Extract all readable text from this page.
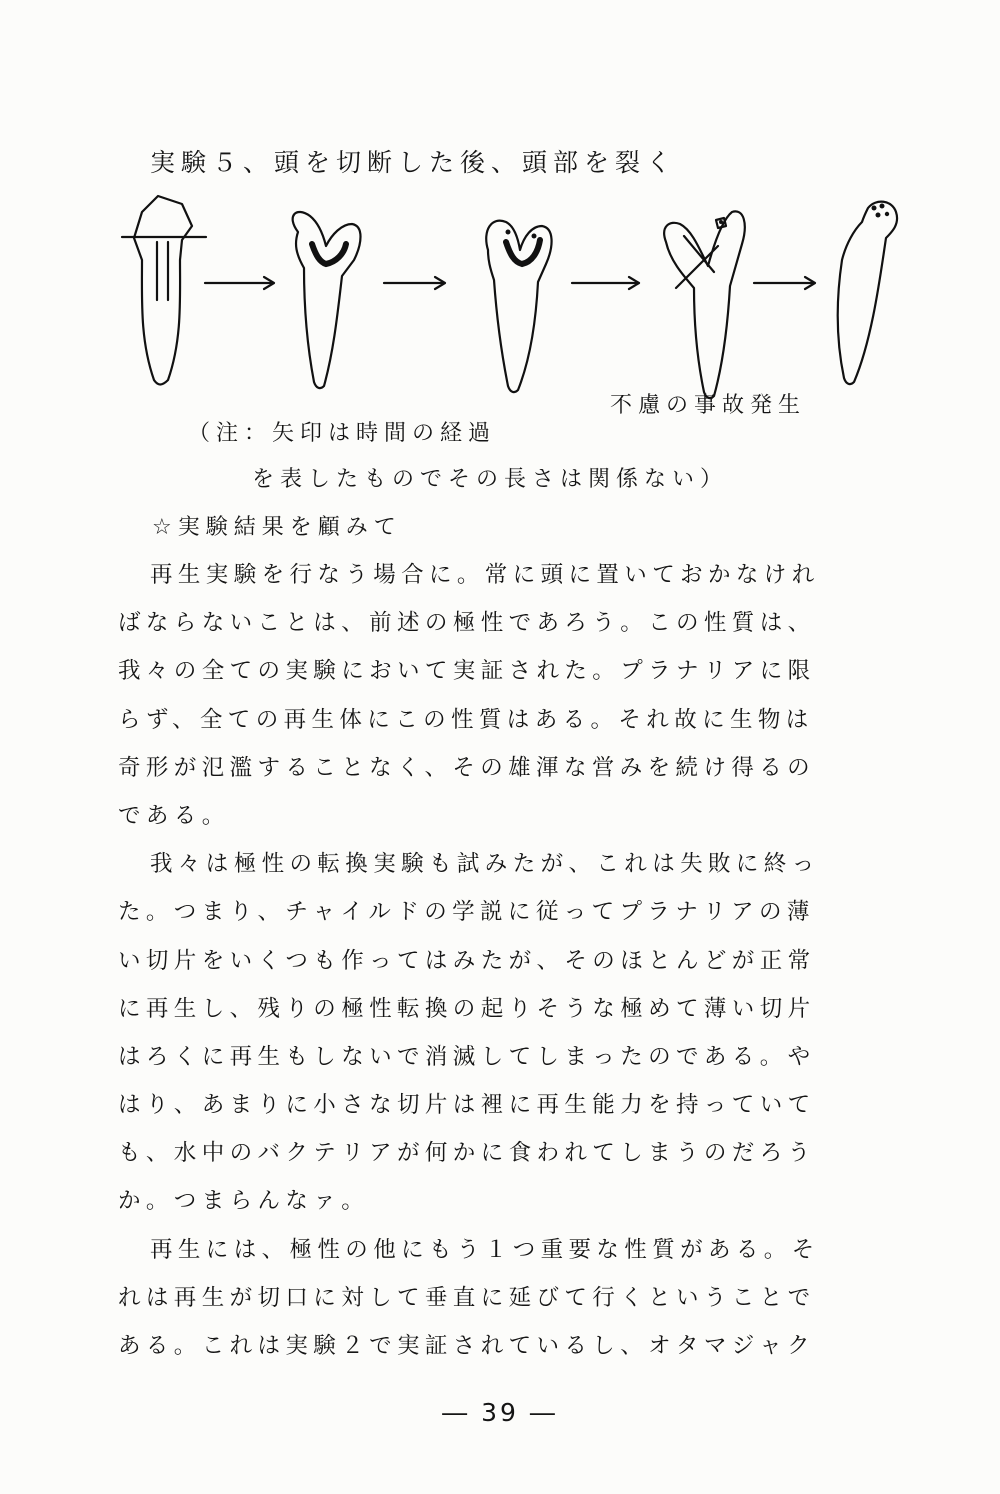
実験５、頭を切断した後、頭部を裂く
不慮の事故発生
（注：矢印は時間の経過
を表したものでその長さは関係ない）
☆実験結果を顧みて
再生実験を行なう場合に。常に頭に置いておかなけれ
ばならないことは、前述の極性であろう。この性質は、
我々の全ての実験において実証された。プラナリアに限
らず、全ての再生体にこの性質はある。それ故に生物は
奇形が氾濫することなく、その雄渾な営みを続け得るの
である。
我々は極性の転換実験も試みたが、これは失敗に終っ
た。つまり、チャイルドの学説に従ってプラナリアの薄
い切片をいくつも作ってはみたが、そのほとんどが正常
に再生し、残りの極性転換の起りそうな極めて薄い切片
はろくに再生もしないで消滅してしまったのである。や
はり、あまりに小さな切片は裡に再生能力を持っていて
も、水中のバクテリアが何かに食われてしまうのだろう
か。つまらんなァ。
再生には、極性の他にもう１つ重要な性質がある。そ
れは再生が切口に対して垂直に延びて行くということで
ある。これは実験２で実証されているし、オタマジャク
― 39 ―
